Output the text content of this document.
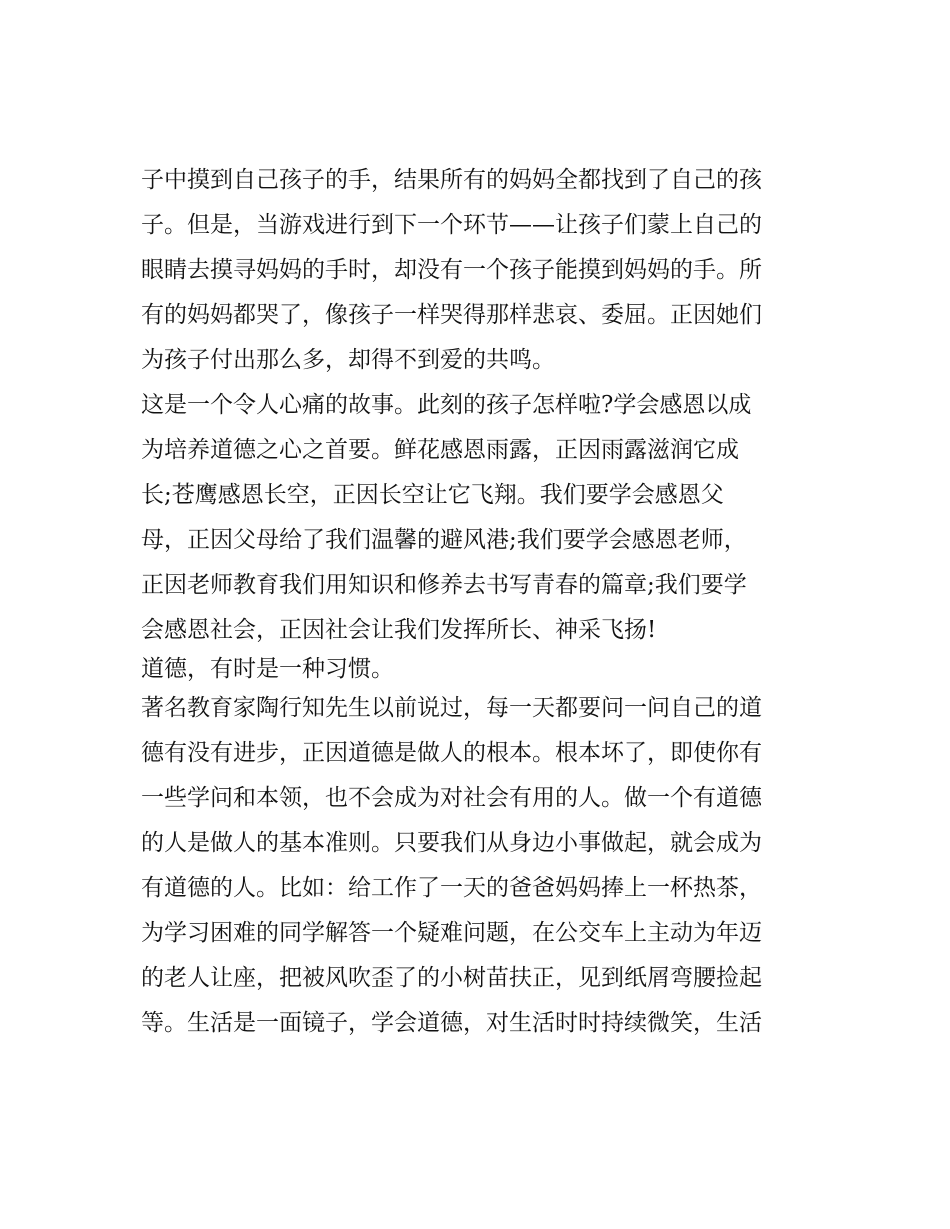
子中摸到自己孩子的手，结果所有的妈妈全都找到了自己的孩
子。但是，当游戏进行到下一个环节——让孩子们蒙上自己的
眼睛去摸寻妈妈的手时，却没有一个孩子能摸到妈妈的手。所
有的妈妈都哭了，像孩子一样哭得那样悲哀、委屈。正因她们
为孩子付出那么多，却得不到爱的共鸣。
这是一个令人心痛的故事。此刻的孩子怎样啦?学会感恩以成
为培养道德之心之首要。鲜花感恩雨露，正因雨露滋润它成
长;苍鹰感恩长空，正因长空让它飞翔。我们要学会感恩父
母，正因父母给了我们温馨的避风港;我们要学会感恩老师，
正因老师教育我们用知识和修养去书写青春的篇章;我们要学
会感恩社会，正因社会让我们发挥所长、神采飞扬!
道德，有时是一种习惯。
著名教育家陶行知先生以前说过，每一天都要问一问自己的道
德有没有进步，正因道德是做人的根本。根本坏了，即使你有
一些学问和本领，也不会成为对社会有用的人。做一个有道德
的人是做人的基本准则。只要我们从身边小事做起，就会成为
有道德的人。比如：给工作了一天的爸爸妈妈捧上一杯热茶，
为学习困难的同学解答一个疑难问题，在公交车上主动为年迈
的老人让座，把被风吹歪了的小树苗扶正，见到纸屑弯腰捡起
等。生活是一面镜子，学会道德，对生活时时持续微笑，生活
